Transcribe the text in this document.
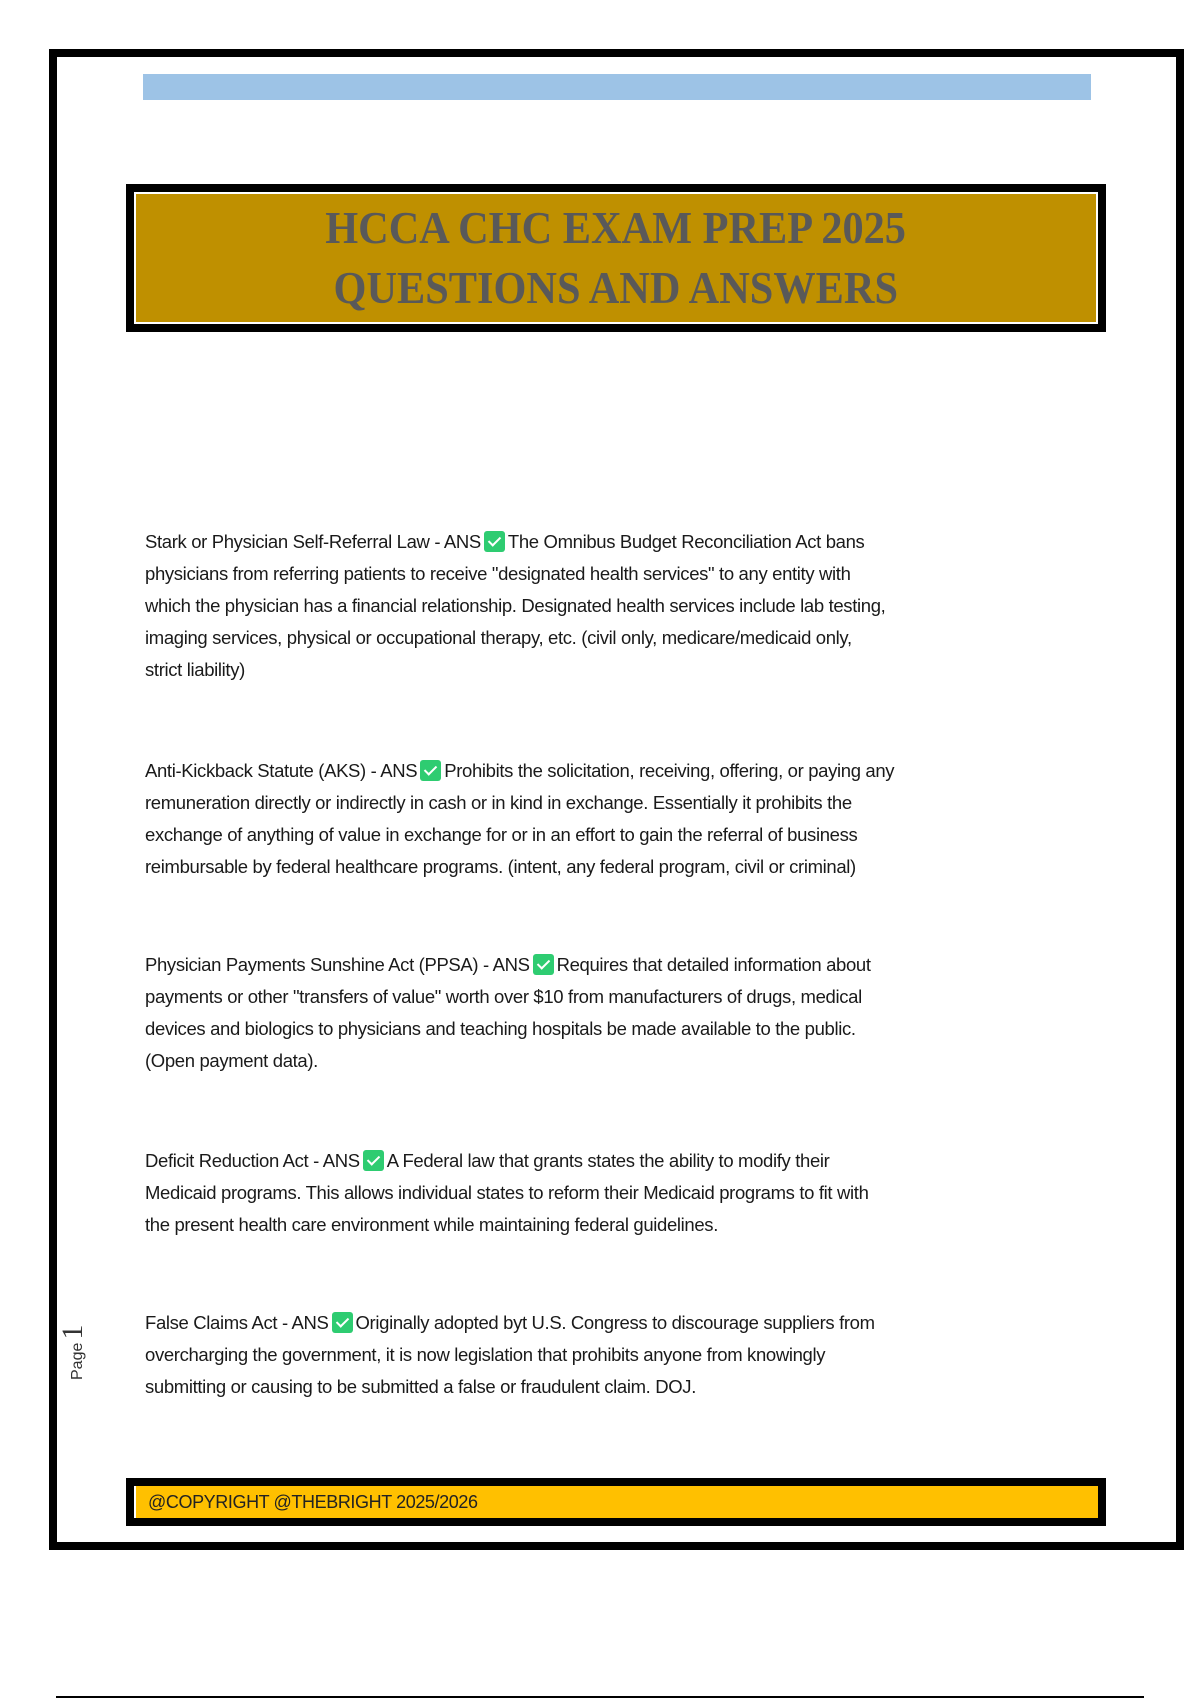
HCCA CHC EXAM PREP 2025
QUESTIONS AND ANSWERS
Stark or Physician Self-Referral Law - ANS The Omnibus Budget Reconciliation Act bans
physicians from referring patients to receive "designated health services" to any entity with
which the physician has a financial relationship. Designated health services include lab testing,
imaging services, physical or occupational therapy, etc. (civil only, medicare/medicaid only,
strict liability)
Anti-Kickback Statute (AKS) - ANS Prohibits the solicitation, receiving, offering, or paying any
remuneration directly or indirectly in cash or in kind in exchange. Essentially it prohibits the
exchange of anything of value in exchange for or in an effort to gain the referral of business
reimbursable by federal healthcare programs. (intent, any federal program, civil or criminal)
Physician Payments Sunshine Act (PPSA) - ANS Requires that detailed information about
payments or other "transfers of value" worth over $10 from manufacturers of drugs, medical
devices and biologics to physicians and teaching hospitals be made available to the public.
(Open payment data).
Deficit Reduction Act - ANS A Federal law that grants states the ability to modify their
Medicaid programs. This allows individual states to reform their Medicaid programs to fit with
the present health care environment while maintaining federal guidelines.
False Claims Act - ANS Originally adopted byt U.S. Congress to discourage suppliers from
overcharging the government, it is now legislation that prohibits anyone from knowingly
submitting or causing to be submitted a false or fraudulent claim. DOJ.
Page1
@COPYRIGHT @THEBRIGHT 2025/2026
